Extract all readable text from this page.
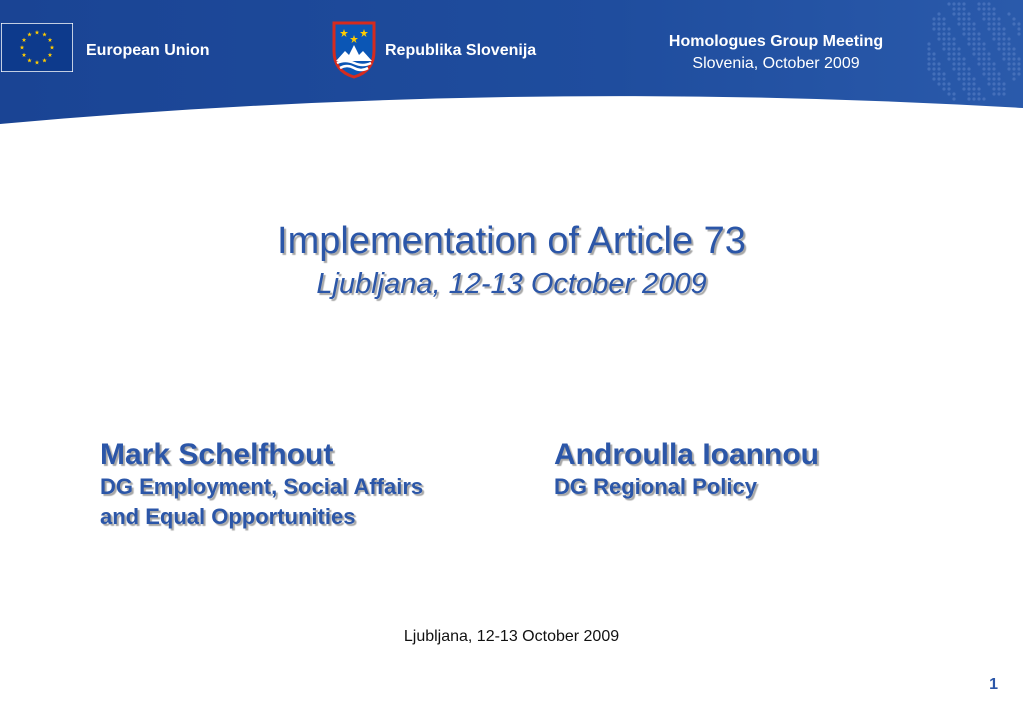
European Union	Republika Slovenija
Homologues Group Meeting
Slovenia, October 2009
Implementation of Article 73
Ljubljana, 12-13 October 2009
Mark Schelfhout
DG Employment, Social Affairs
and Equal Opportunities
Androulla Ioannou
DG Regional Policy
Ljubljana, 12-13 October 2009
1
